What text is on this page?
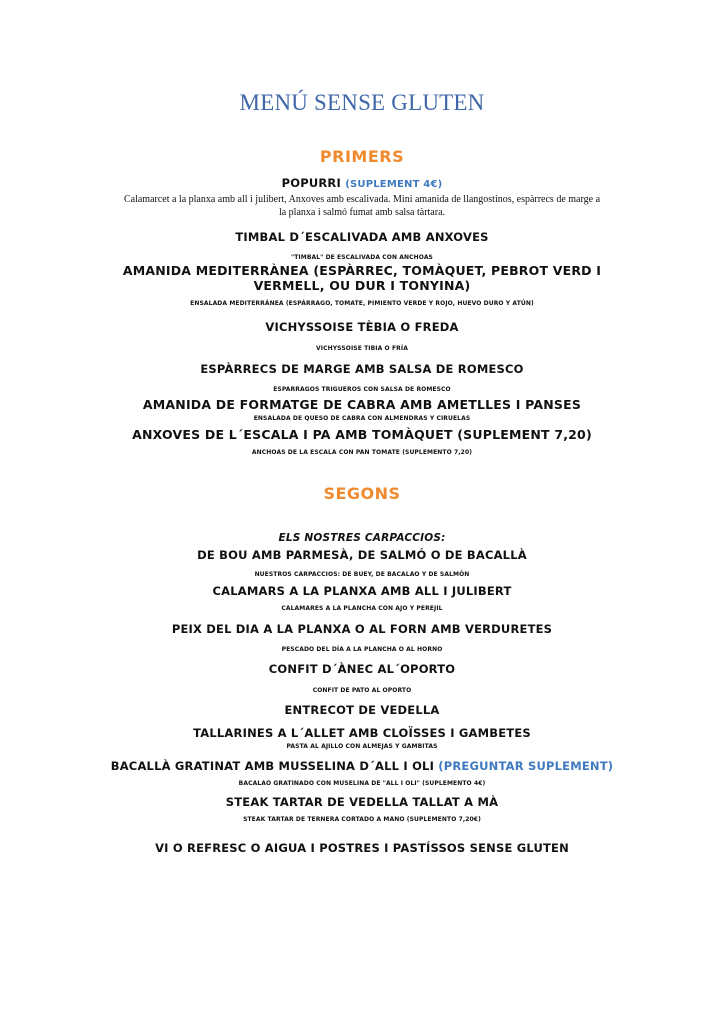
MENÚ SENSE GLUTEN
PRIMERS
POPURRI (SUPLEMENT 4€)
Calamarcet a la planxa amb all i julibert, Anxoves amb escalivada. Mini amanida de llangostinos, espàrrecs de marge a la planxa i salmó fumat amb salsa tàrtara.
TIMBAL D´ESCALIVADA AMB ANXOVES
"TIMBAL" DE ESCALIVADA CON ANCHOAS
AMANIDA MEDITERRÀNEA (ESPÀRREC, TOMÀQUET, PEBROT VERD I VERMELL, OU DUR I TONYINA)
ENSALADA MEDITERRÁNEA (ESPÁRRAGO, TOMATE, PIMIENTO VERDE Y ROJO, HUEVO DURO Y ATÚN)
VICHYSSOISE TÈBIA O FREDA
VICHYSSOISE TIBIA O FRÍA
ESPÀRRECS DE MARGE AMB SALSA DE ROMESCO
ESPARRAGOS TRIGUEROS CON SALSA DE ROMESCO
AMANIDA DE FORMATGE DE CABRA AMB AMETLLES I PANSES
ENSALADA DE QUESO DE CABRA CON ALMENDRAS Y CIRUELAS
ANXOVES DE L´ESCALA I PA AMB TOMÀQUET (SUPLEMENT 7,20)
ANCHOAS DE LA ESCALA CON PAN TOMATE (SUPLEMENTO 7,20)
SEGONS
ELS NOSTRES CARPACCIOS:
DE BOU AMB PARMESÀ, DE SALMÓ O DE BACALLÀ
NUESTROS CARPACCIOS: DE BUEY, DE BACALAO Y DE SALMÓN
CALAMARS A LA PLANXA AMB ALL I JULIBERT
CALAMARES A LA PLANCHA CON AJO Y PEREJIL
PEIX DEL DIA A LA PLANXA O AL FORN AMB VERDURETES
PESCADO DEL DÍA A LA PLANCHA O AL HORNO
CONFIT D´ÀNEC AL´OPORTO
CONFIT DE PATO AL OPORTO
ENTRECOT DE VEDELLA
TALLARINES A L´ALLET AMB CLOÏSSES I GAMBETES
PASTA AL AJILLO CON ALMEJAS Y GAMBITAS
BACALLÀ GRATINAT AMB MUSSELINA D´ALL I OLI (PREGUNTAR SUPLEMENT)
BACALAO GRATINADO CON MUSELINA DE "ALL I OLI" (SUPLEMENTO 4€)
STEAK TARTAR DE VEDELLA TALLAT A MÀ
STEAK TARTAR DE TERNERA CORTADO A MANO (SUPLEMENTO 7,20€)
VI O REFRESC O AIGUA I POSTRES I PASTÍSSOS SENSE GLUTEN
